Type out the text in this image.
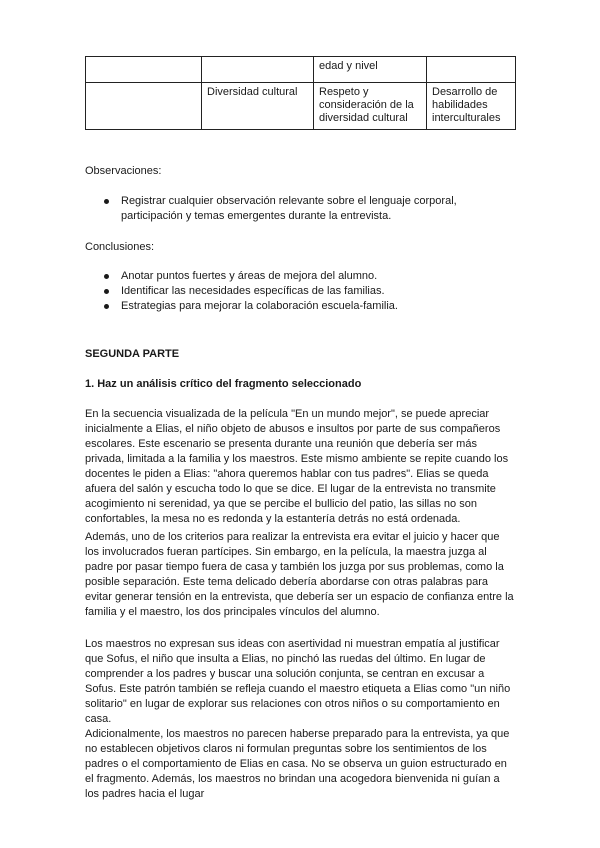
		edad y nivel	
	Diversidad cultural	Respeto y consideración de la diversidad cultural	Desarrollo de habilidades interculturales
Observaciones:
Registrar cualquier observación relevante sobre el lenguaje corporal, participación y temas emergentes durante la entrevista.
Conclusiones:
Anotar puntos fuertes y áreas de mejora del alumno.
Identificar las necesidades específicas de las familias.
Estrategias para mejorar la colaboración escuela-familia.
SEGUNDA PARTE
1. Haz un análisis crítico del fragmento seleccionado

En la secuencia visualizada de la película "En un mundo mejor", se puede apreciar inicialmente a Elias, el niño objeto de abusos e insultos por parte de sus compañeros escolares. Este escenario se presenta durante una reunión que debería ser más privada, limitada a la familia y los maestros. Este mismo ambiente se repite cuando los docentes le piden a Elias: "ahora queremos hablar con tus padres". Elias se queda afuera del salón y escucha todo lo que se dice. El lugar de la entrevista no transmite acogimiento ni serenidad, ya que se percibe el bullicio del patio, las sillas no son confortables, la mesa no es redonda y la estantería detrás no está ordenada.

Además, uno de los criterios para realizar la entrevista era evitar el juicio y hacer que los involucrados fueran partícipes. Sin embargo, en la película, la maestra juzga al padre por pasar tiempo fuera de casa y también los juzga por sus problemas, como la posible separación. Este tema delicado debería abordarse con otras palabras para evitar generar tensión en la entrevista, que debería ser un espacio de confianza entre la familia y el maestro, los dos principales vínculos del alumno.

Los maestros no expresan sus ideas con asertividad ni muestran empatía al justificar que Sofus, el niño que insulta a Elias, no pinchó las ruedas del último. En lugar de comprender a los padres y buscar una solución conjunta, se centran en excusar a Sofus. Este patrón también se refleja cuando el maestro etiqueta a Elias como "un niño solitario" en lugar de explorar sus relaciones con otros niños o su comportamiento en casa.

Adicionalmente, los maestros no parecen haberse preparado para la entrevista, ya que no establecen objetivos claros ni formulan preguntas sobre los sentimientos de los padres o el comportamiento de Elias en casa. No se observa un guion estructurado en el fragmento. Además, los maestros no brindan una acogedora bienvenida ni guían a los padres hacia el lugar
